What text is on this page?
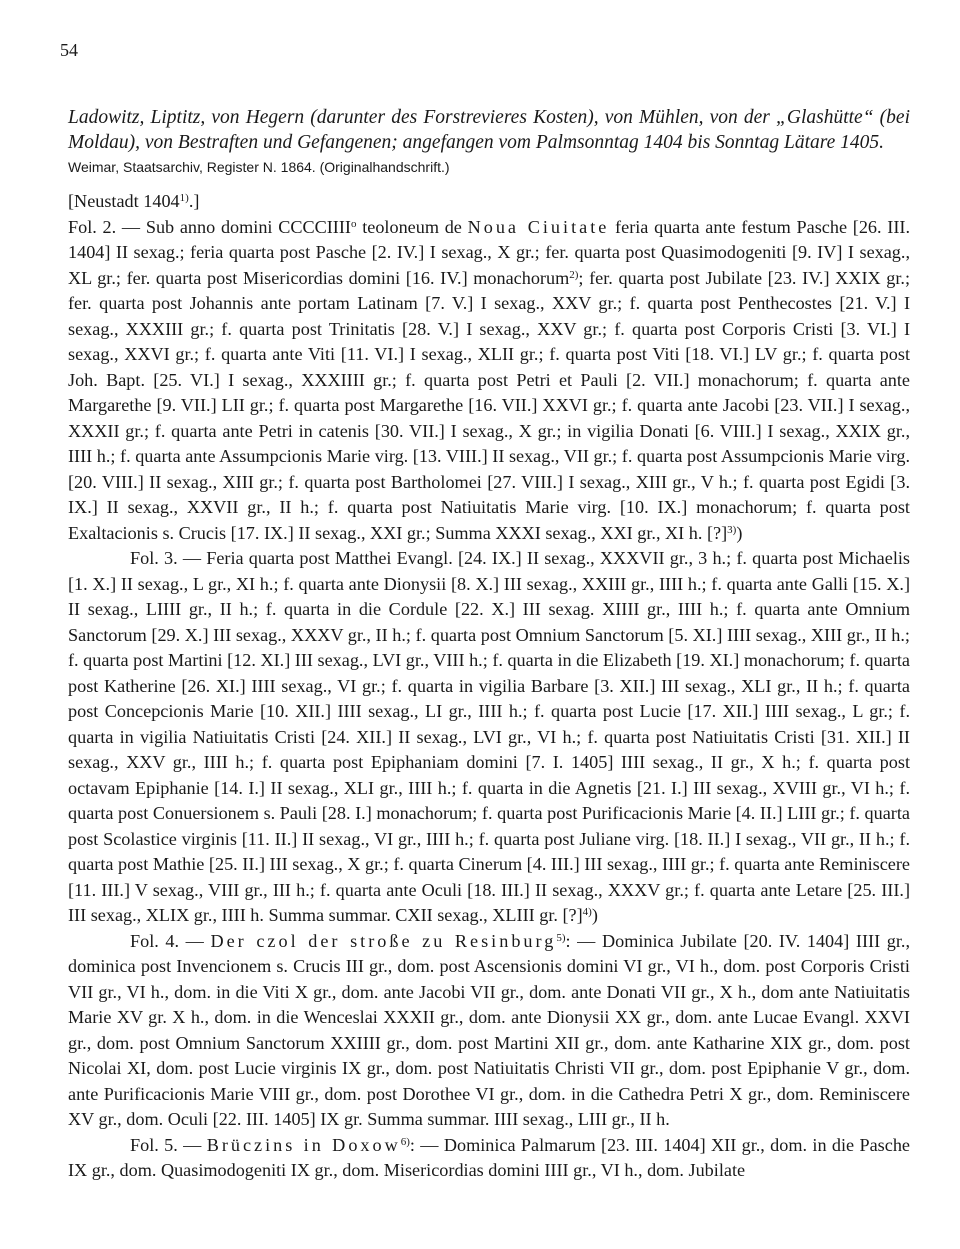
54
Ladowitz, Liptitz, von Hegern (darunter des Forstrevieres Kosten), von Mühlen, von der „Glashütte“ (bei Moldau), von Bestraften und Gefangenen; angefangen vom Palmsonntag 1404 bis Sonntag Lätare 1405.
Weimar, Staatsarchiv, Register N. 1864. (Originalhandschrift.)

[Neustadt 1404$^{1)}$.]

Fol. 2. — Sub anno domini CCCCIIII$^o$ teoloneum de Noua Ciuitate feria quarta ante festum Pasche [26. III. 1404] II sexag.; feria quarta post Pasche [2. IV.] I sexag., X gr.; fer. quarta post Quasimodogeniti [9. IV] I sexag., XL gr.; fer. quarta post Misericordias domini [16. IV.] monachorum$^{2)}$; fer. quarta post Jubilate [23. IV.] XXIX gr.; fer. quarta post Johannis ante portam Latinam [7. V.] I sexag., XXV gr.; f. quarta post Penthecostes [21. V.] I sexag., XXXIII gr.; f. quarta post Trinitatis [28. V.] I sexag., XXV gr.; f. quarta post Corporis Cristi [3. VI.] I sexag., XXVI gr.; f. quarta ante Viti [11. VI.] I sexag., XLII gr.; f. quarta post Viti [18. VI.] LV gr.; f. quarta post Joh. Bapt. [25. VI.] I sexag., XXXIIII gr.; f. quarta post Petri et Pauli [2. VII.] monachorum; f. quarta ante Margarethe [9. VII.] LII gr.; f. quarta post Margarethe [16. VII.] XXVI gr.; f. quarta ante Jacobi [23. VII.] I sexag., XXXII gr.; f. quarta ante Petri in catenis [30. VII.] I sexag., X gr.; in vigilia Donati [6. VIII.] I sexag., XXIX gr., IIII h.; f. quarta ante Assumpcionis Marie virg. [13. VIII.] II sexag., VII gr.; f. quarta post Assumpcionis Marie virg. [20. VIII.] II sexag., XIII gr.; f. quarta post Bartholomei [27. VIII.] I sexag., XIII gr., V h.; f. quarta post Egidi [3. IX.] II sexag., XXVII gr., II h.; f. quarta post Natiuitatis Marie virg. [10. IX.] monachorum; f. quarta post Exaltacionis s. Crucis [17. IX.] II sexag., XXI gr.; Summa XXXI sexag., XXI gr., XI h. [?]$^{3)}$)

Fol. 3. — Feria quarta post Matthei Evangl. [24. IX.] II sexag., XXXVII gr., 3 h.; f. quarta post Michaelis [1. X.] II sexag., L gr., XI h.; f. quarta ante Dionysii [8. X.] III sexag., XXIII gr., IIII h.; f. quarta ante Galli [15. X.] II sexag., LIIII gr., II h.; f. quarta in die Cordule [22. X.] III sexag. XIIII gr., IIII h.; f. quarta ante Omnium Sanctorum [29. X.] III sexag., XXXV gr., II h.; f. quarta post Omnium Sanctorum [5. XI.] IIII sexag., XIII gr., II h.; f. quarta post Martini [12. XI.] III sexag., LVI gr., VIII h.; f. quarta in die Elizabeth [19. XI.] monachorum; f. quarta post Katherine [26. XI.] IIII sexag., VI gr.; f. quarta in vigilia Barbare [3. XII.] III sexag., XLI gr., II h.; f. quarta post Concepcionis Marie [10. XII.] IIII sexag., LI gr., IIII h.; f. quarta post Lucie [17. XII.] IIII sexag., L gr.; f. quarta in vigilia Natiuitatis Cristi [24. XII.] II sexag., LVI gr., VI h.; f. quarta post Natiuitatis Cristi [31. XII.] II sexag., XXV gr., IIII h.; f. quarta post Epiphaniam domini [7. I. 1405] IIII sexag., II gr., X h.; f. quarta post octavam Epiphanie [14. I.] II sexag., XLI gr., IIII h.; f. quarta in die Agnetis [21. I.] III sexag., XVIII gr., VI h.; f. quarta post Conuersionem s. Pauli [28. I.] monachorum; f. quarta post Purificacionis Marie [4. II.] LIII gr.; f. quarta post Scolastice virginis [11. II.] II sexag., VI gr., IIII h.; f. quarta post Juliane virg. [18. II.] I sexag., VII gr., II h.; f. quarta post Mathie [25. II.] III sexag., X gr.; f. quarta Cinerum [4. III.] III sexag., IIII gr.; f. quarta ante Reminiscere [11. III.] V sexag., VIII gr., III h.; f. quarta ante Oculi [18. III.] II sexag., XXXV gr.; f. quarta ante Letare [25. III.] III sexag., XLIX gr., IIII h. Summa summar. CXII sexag., XLIII gr. [?]$^{4)}$)

Fol. 4. — Der czol der stroße zu Resinburg$^{5)}$: — Dominica Jubilate [20. IV. 1404] IIII gr., dominica post Invencionem s. Crucis III gr., dom. post Ascensionis domini VI gr., VI h., dom. post Corporis Cristi VII gr., VI h., dom. in die Viti X gr., dom. ante Jacobi VII gr., dom. ante Donati VII gr., X h., dom ante Natiuitatis Marie XV gr. X h., dom. in die Wenceslai XXXII gr., dom. ante Dionysii XX gr., dom. ante Lucae Evangl. XXVI gr., dom. post Omnium Sanctorum XXIIII gr., dom. post Martini XII gr., dom. ante Katharine XIX gr., dom. post Nicolai XI, dom. post Lucie virginis IX gr., dom. post Natiuitatis Christi VII gr., dom. post Epiphanie V gr., dom. ante Purificacionis Marie VIII gr., dom. post Dorothee VI gr., dom. in die Cathedra Petri X gr., dom. Reminiscere XV gr., dom. Oculi [22. III. 1405] IX gr. Summa summar. IIII sexag., LIII gr., II h.

Fol. 5. — Brüczins in Doxow$^{6)}$: — Dominica Palmarum [23. III. 1404] XII gr., dom. in die Pasche IX gr., dom. Quasimodogeniti IX gr., dom. Misericordias domini IIII gr., VI h., dom. Jubilate
